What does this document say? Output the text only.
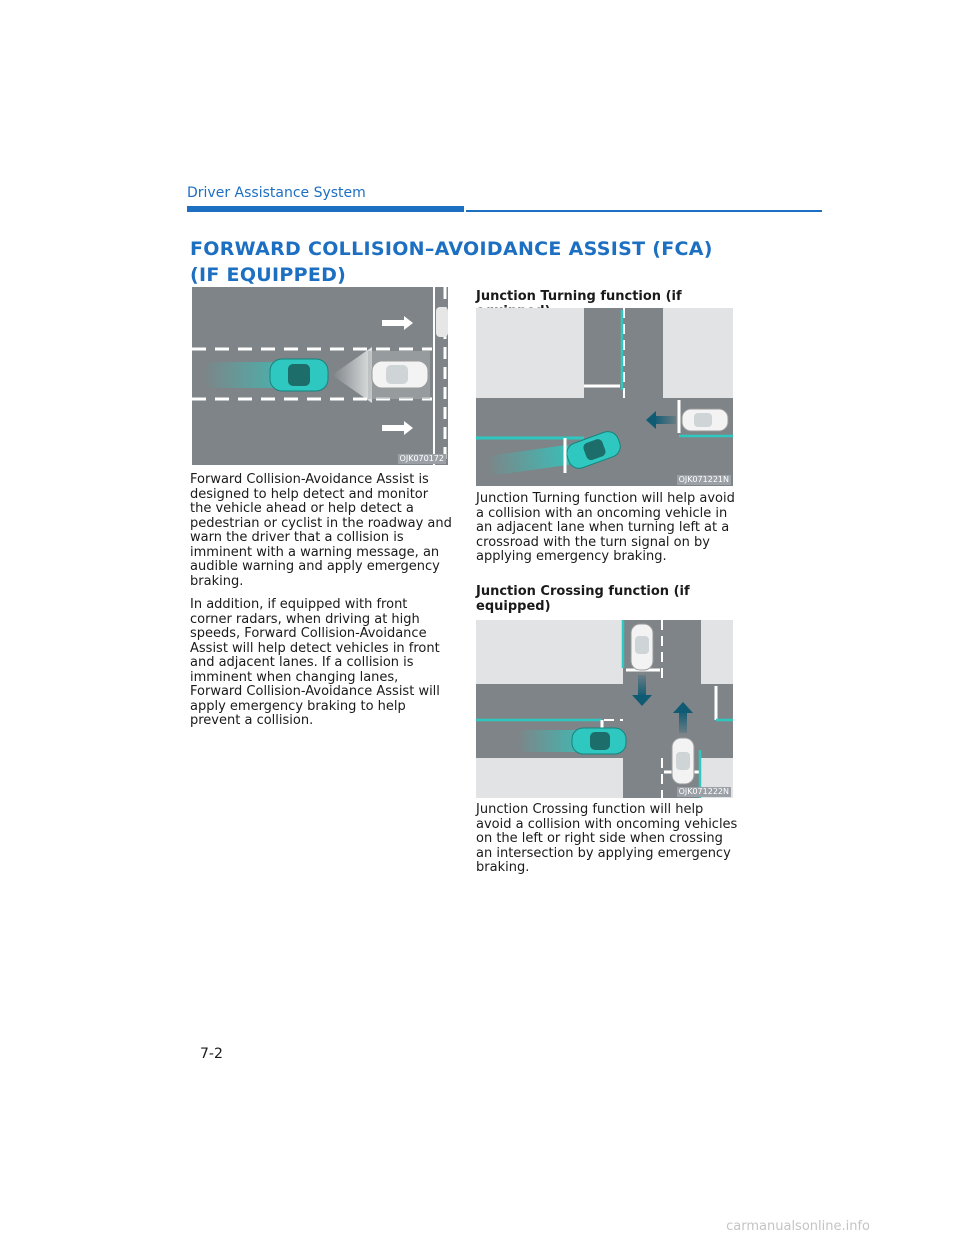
Driver Assistance System
FORWARD COLLISION–AVOIDANCE ASSIST (FCA)
(IF EQUIPPED)
OJK070172

Forward Collision-Avoidance Assist is designed to help detect and monitor the vehicle ahead or help detect a pedestrian or cyclist in the roadway and warn the driver that a collision is imminent with a warning message, an audible warning and apply emergency braking.

In addition, if equipped with front corner radars, when driving at high speeds, Forward Collision-Avoidance Assist will help detect vehicles in front and adjacent lanes. If a collision is imminent when changing lanes, Forward Collision-Avoidance Assist will apply emergency braking to help prevent a collision.

Junction Turning function (if
OJK071221N

Junction Turning function will help avoid a collision with an oncoming vehicle in an adjacent lane when turning left at a crossroad with the turn signal on by applying emergency braking.

Junction Crossing function (if equipped)
OJK071222N

Junction Crossing function will help avoid a collision with oncoming vehicles on the left or right side when crossing an intersection by applying emergency braking.

7-2
carmanualsonline.info
